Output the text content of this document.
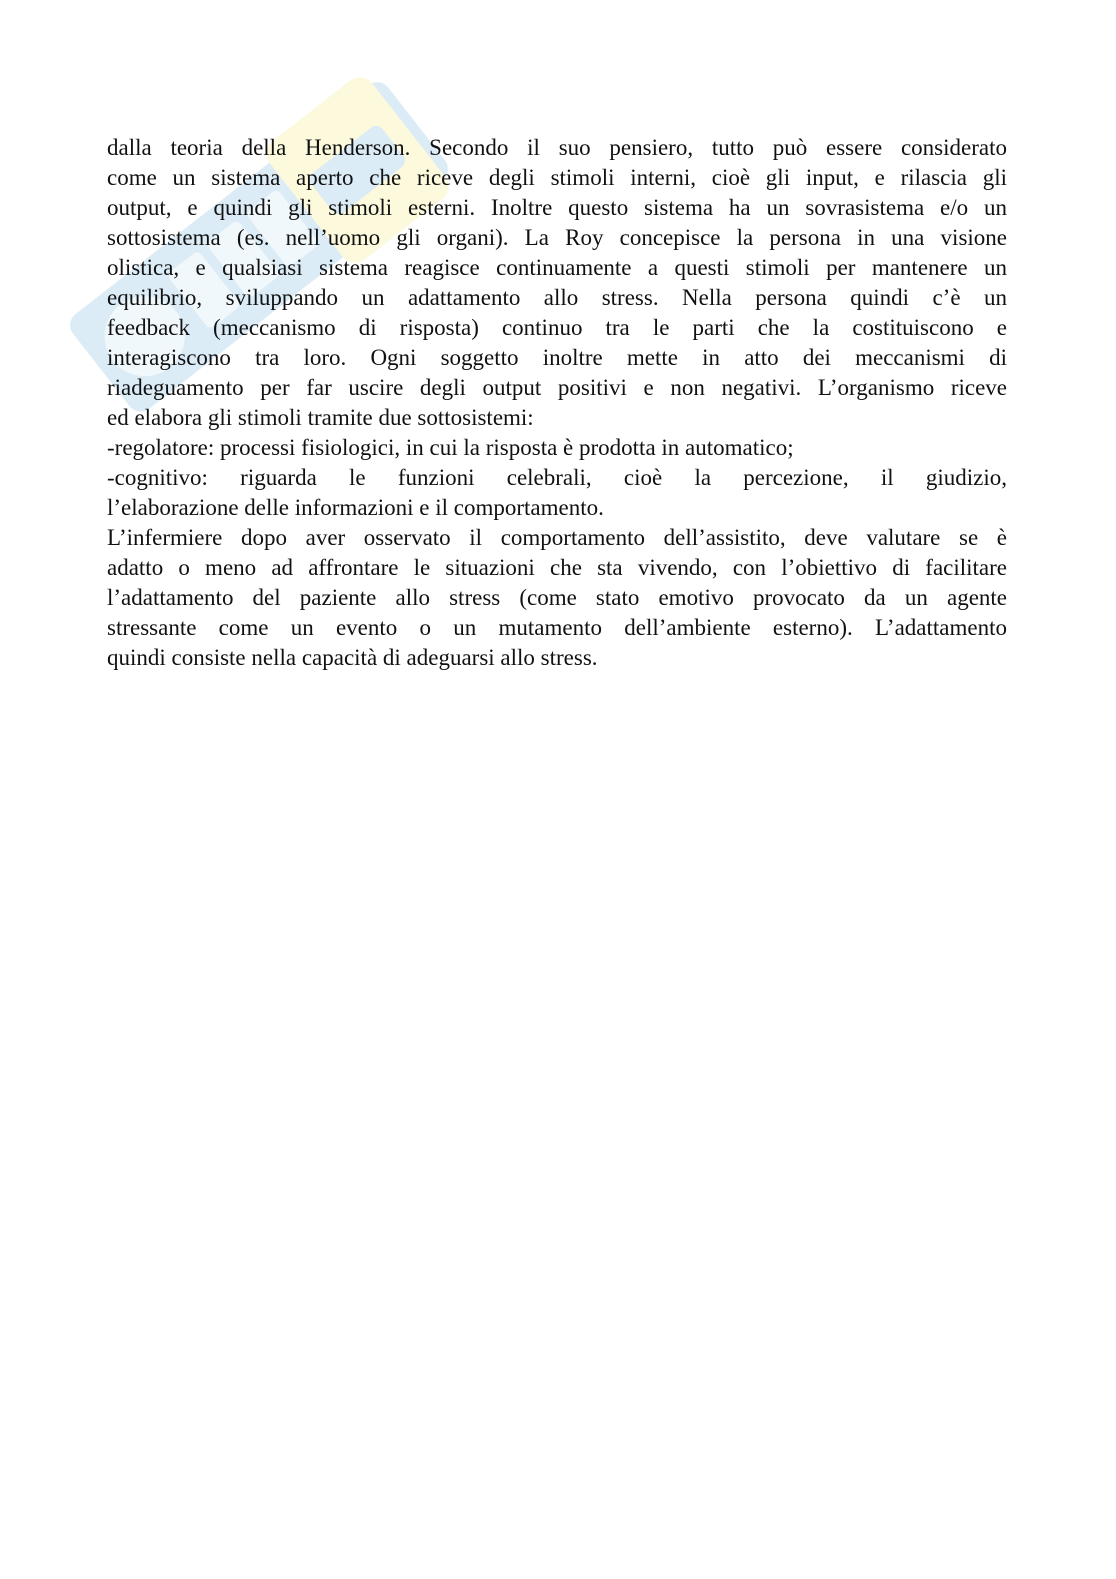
dalla teoria della Henderson. Secondo il suo pensiero, tutto può essere considerato
come un sistema aperto che riceve degli stimoli interni, cioè gli input, e rilascia gli
output, e quindi gli stimoli esterni. Inoltre questo sistema ha un sovrasistema e/o un
sottosistema (es. nell’uomo gli organi). La Roy concepisce la persona in una visione
olistica, e qualsiasi sistema reagisce continuamente a questi stimoli per mantenere un
equilibrio, sviluppando un adattamento allo stress. Nella persona quindi c’è un
feedback (meccanismo di risposta) continuo tra le parti che la costituiscono e
interagiscono tra loro. Ogni soggetto inoltre mette in atto dei meccanismi di
riadeguamento per far uscire degli output positivi e non negativi. L’organismo riceve
ed elabora gli stimoli tramite due sottosistemi:
-regolatore: processi fisiologici, in cui la risposta è prodotta in automatico;
-cognitivo: riguarda le funzioni celebrali, cioè la percezione, il giudizio,
l’elaborazione delle informazioni e il comportamento.
L’infermiere dopo aver osservato il comportamento dell’assistito, deve valutare se è
adatto o meno ad affrontare le situazioni che sta vivendo, con l’obiettivo di facilitare
l’adattamento del paziente allo stress (come stato emotivo provocato da un agente
stressante come un evento o un mutamento dell’ambiente esterno). L’adattamento
quindi consiste nella capacità di adeguarsi allo stress.
